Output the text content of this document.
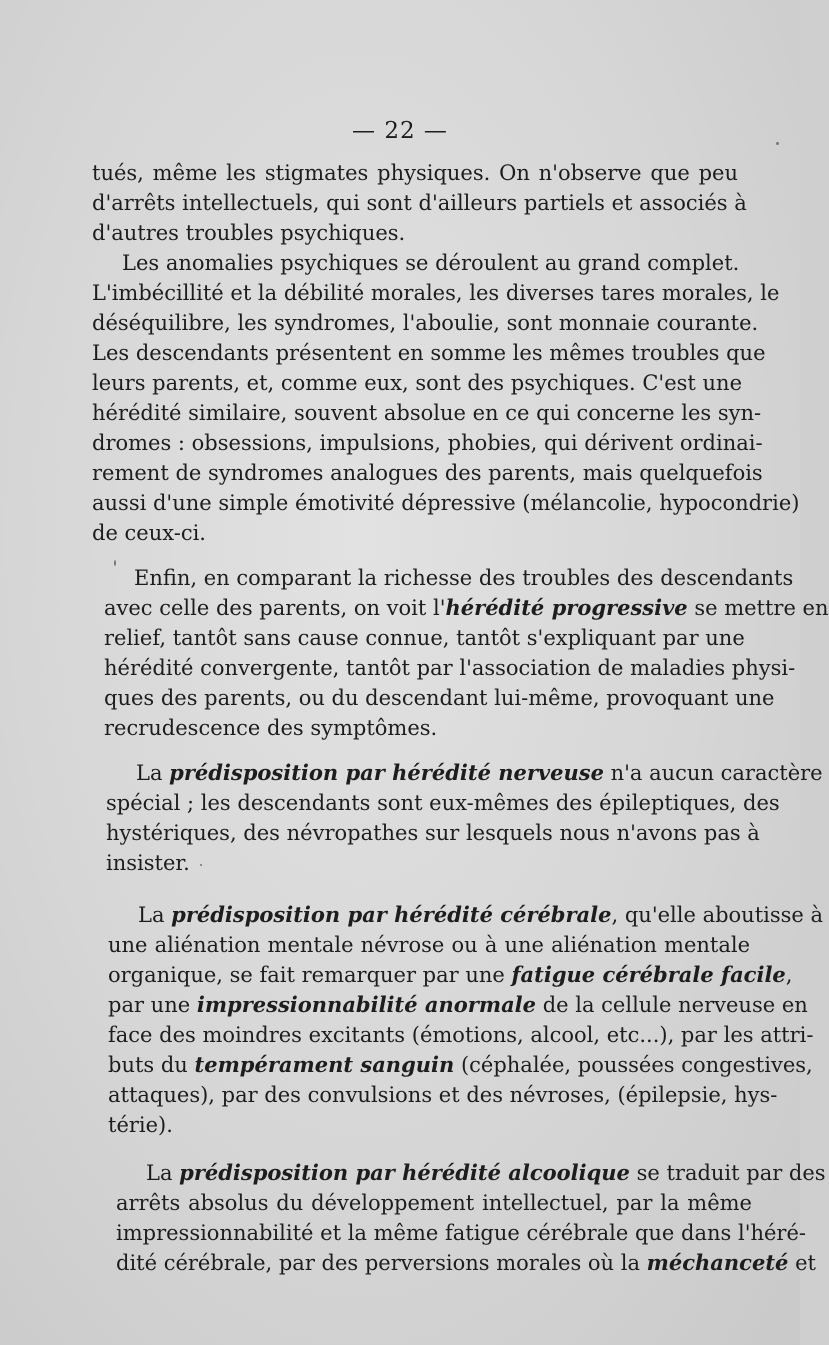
— 22 —
tués, même les stigmates physiques. On n'observe que peu
d'arrêts intellectuels, qui sont d'ailleurs partiels et associés à
d'autres troubles psychiques.
Les anomalies psychiques se déroulent au grand complet.
L'imbécillité et la débilité morales, les diverses tares morales, le
déséquilibre, les syndromes, l'aboulie, sont monnaie courante.
Les descendants présentent en somme les mêmes troubles que
leurs parents, et, comme eux, sont des psychiques. C'est une
hérédité similaire, souvent absolue en ce qui concerne les syn-
dromes : obsessions, impulsions, phobies, qui dérivent ordinai-
rement de syndromes analogues des parents, mais quelquefois
aussi d'une simple émotivité dépressive (mélancolie, hypocondrie)
de ceux-ci.
Enfin, en comparant la richesse des troubles des descendants
avec celle des parents, on voit l'hérédité progressive se mettre en
relief, tantôt sans cause connue, tantôt s'expliquant par une
hérédité convergente, tantôt par l'association de maladies physi-
ques des parents, ou du descendant lui-même, provoquant une
recrudescence des symptômes.
La prédisposition par hérédité nerveuse n'a aucun caractère
spécial ; les descendants sont eux-mêmes des épileptiques, des
hystériques, des névropathes sur lesquels nous n'avons pas à
insister.
La prédisposition par hérédité cérébrale, qu'elle aboutisse à
une aliénation mentale névrose ou à une aliénation mentale
organique, se fait remarquer par une fatigue cérébrale facile,
par une impressionnabilité anormale de la cellule nerveuse en
face des moindres excitants (émotions, alcool, etc...), par les attri-
buts du tempérament sanguin (céphalée, poussées congestives,
attaques), par des convulsions et des névroses, (épilepsie, hys-
térie).
La prédisposition par hérédité alcoolique se traduit par des
arrêts absolus du développement intellectuel, par la même
impressionnabilité et la même fatigue cérébrale que dans l'héré-
dité cérébrale, par des perversions morales où la méchanceté et
